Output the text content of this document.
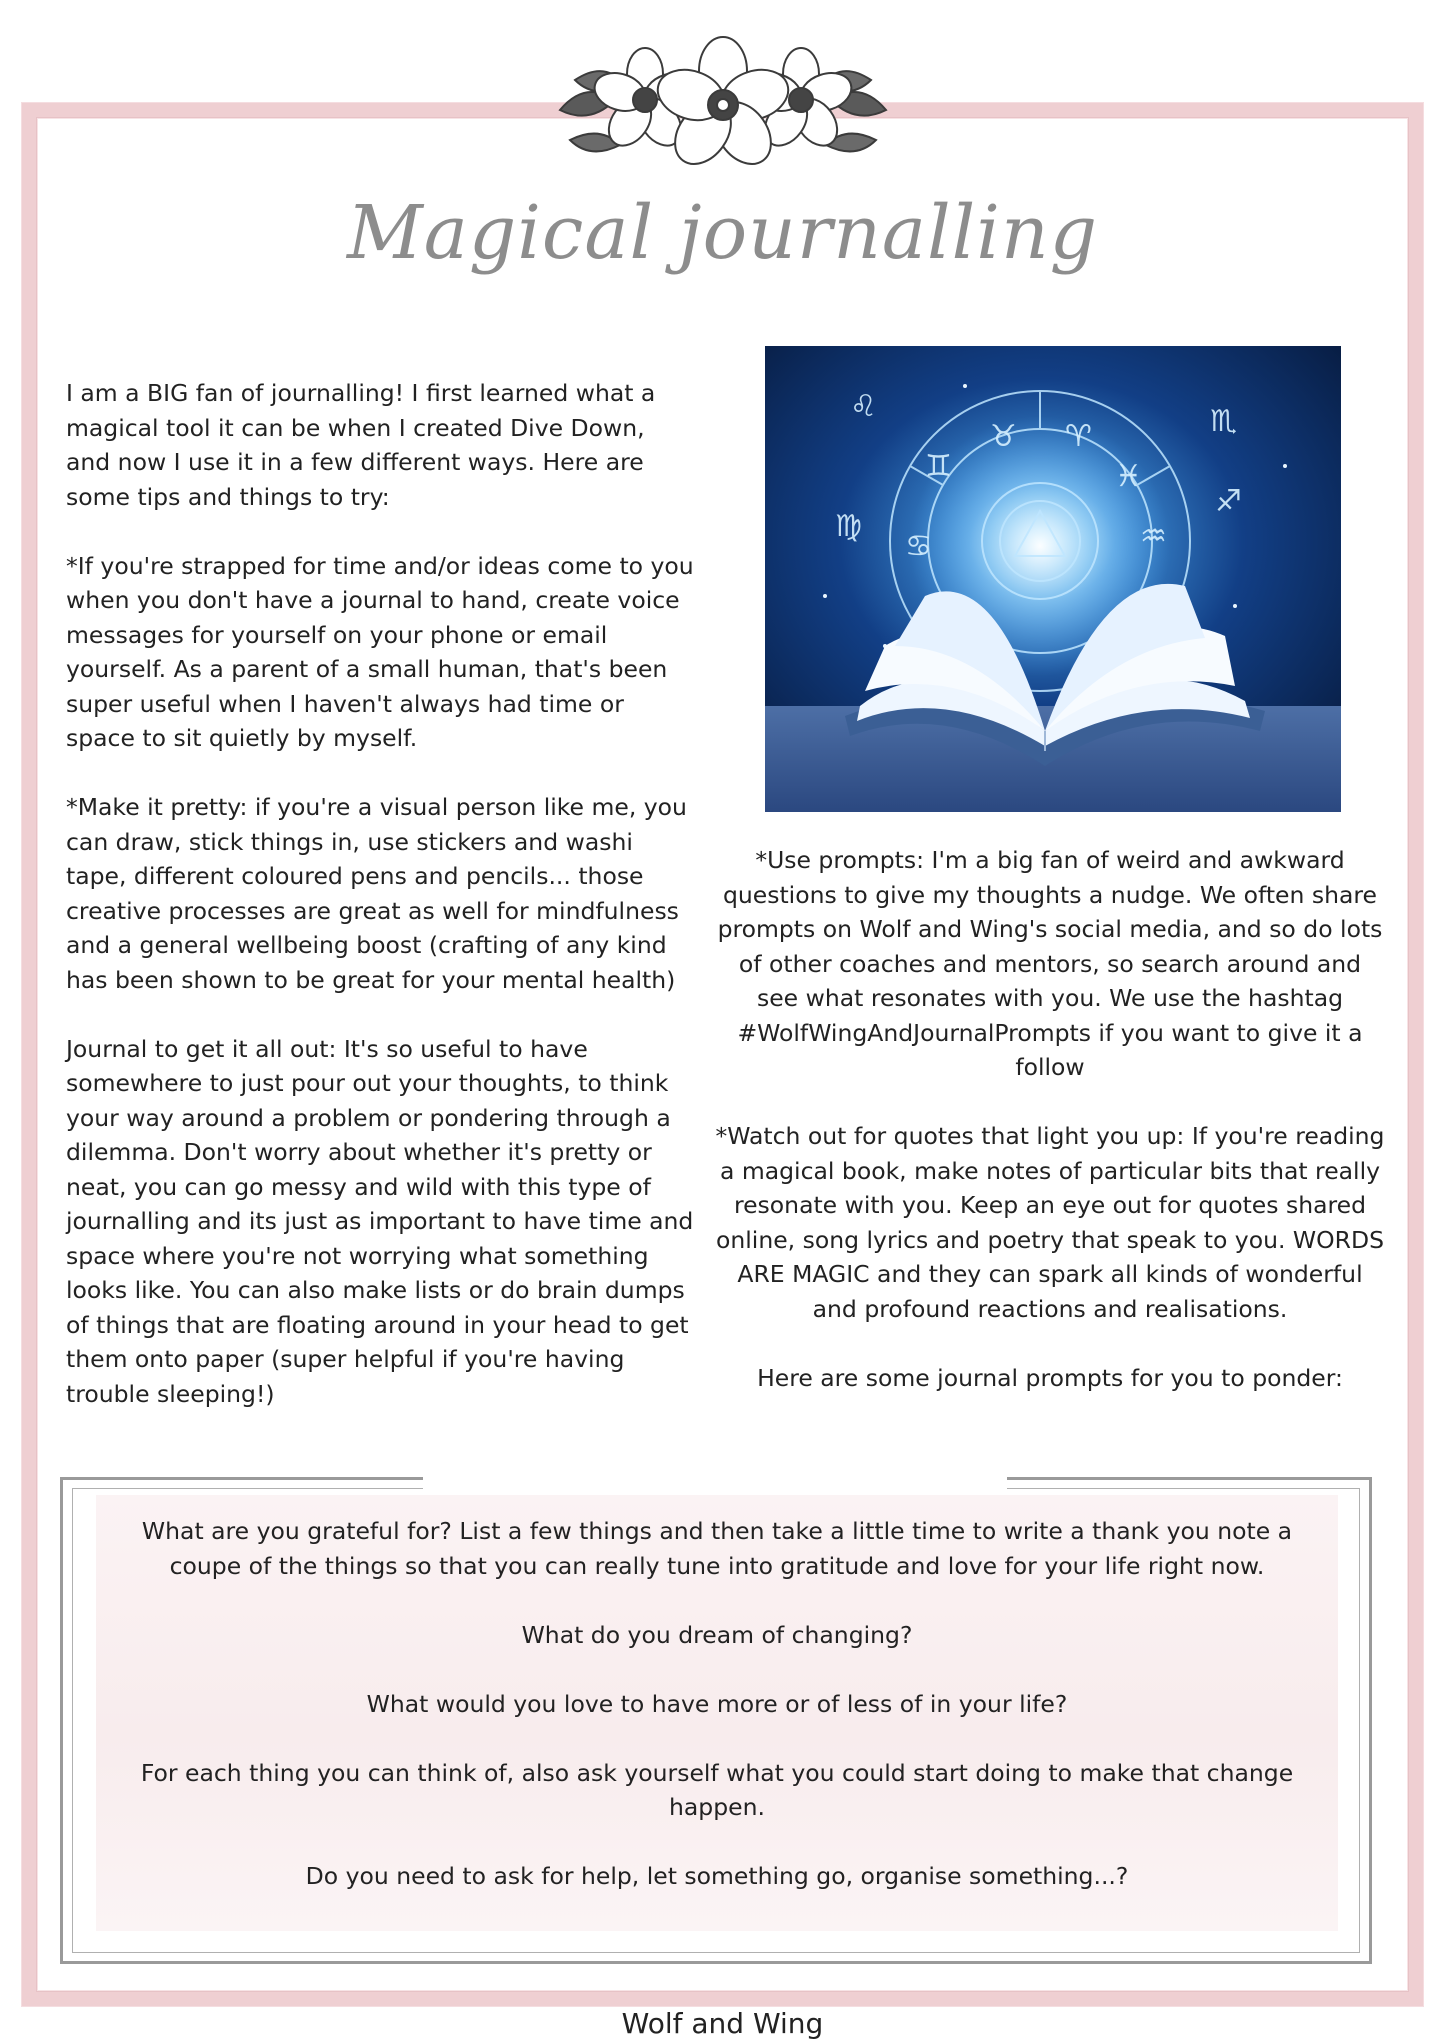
Magical journalling

I am a BIG fan of journalling! I first learned what a magical tool it can be when I created Dive Down, and now I use it in a few different ways. Here are some tips and things to try:

*If you're strapped for time and/or ideas come to you when you don't have a journal to hand, create voice messages for yourself on your phone or email yourself. As a parent of a small human, that's been super useful when I haven't always had time or space to sit quietly by myself.

*Make it pretty: if you're a visual person like me, you can draw, stick things in, use stickers and washi tape, different coloured pens and pencils... those creative processes are great as well for mindfulness and a general wellbeing boost (crafting of any kind has been shown to be great for your mental health)

Journal to get it all out: It's so useful to have somewhere to just pour out your thoughts, to think your way around a problem or pondering through a dilemma. Don't worry about whether it's pretty or neat, you can go messy and wild with this type of journalling and its just as important to have time and space where you're not worrying what something looks like. You can also make lists or do brain dumps of things that are floating around in your head to get them onto paper (super helpful if you're having trouble sleeping!)

♊
♉ ♈
♓
♒
♋
♌	♏
♍
♐

*Use prompts: I'm a big fan of weird and awkward questions to give my thoughts a nudge. We often share prompts on Wolf and Wing's social media, and so do lots of other coaches and mentors, so search around and see what resonates with you. We use the hashtag #WolfWingAndJournalPrompts if you want to give it a follow

*Watch out for quotes that light you up: If you're reading a magical book, make notes of particular bits that really resonate with you. Keep an eye out for quotes shared online, song lyrics and poetry that speak to you. WORDS ARE MAGIC and they can spark all kinds of wonderful and profound reactions and realisations.

Here are some journal prompts for you to ponder:

What are you grateful for? List a few things and then take a little time to write a thank you note a coupe of the things so that you can really tune into gratitude and love for your life right now.

What do you dream of changing?

What would you love to have more or of less of in your life?

For each thing you can think of, also ask yourself what you could start doing to make that change happen.

Do you need to ask for help, let something go, organise something...?

Wolf and Wing
